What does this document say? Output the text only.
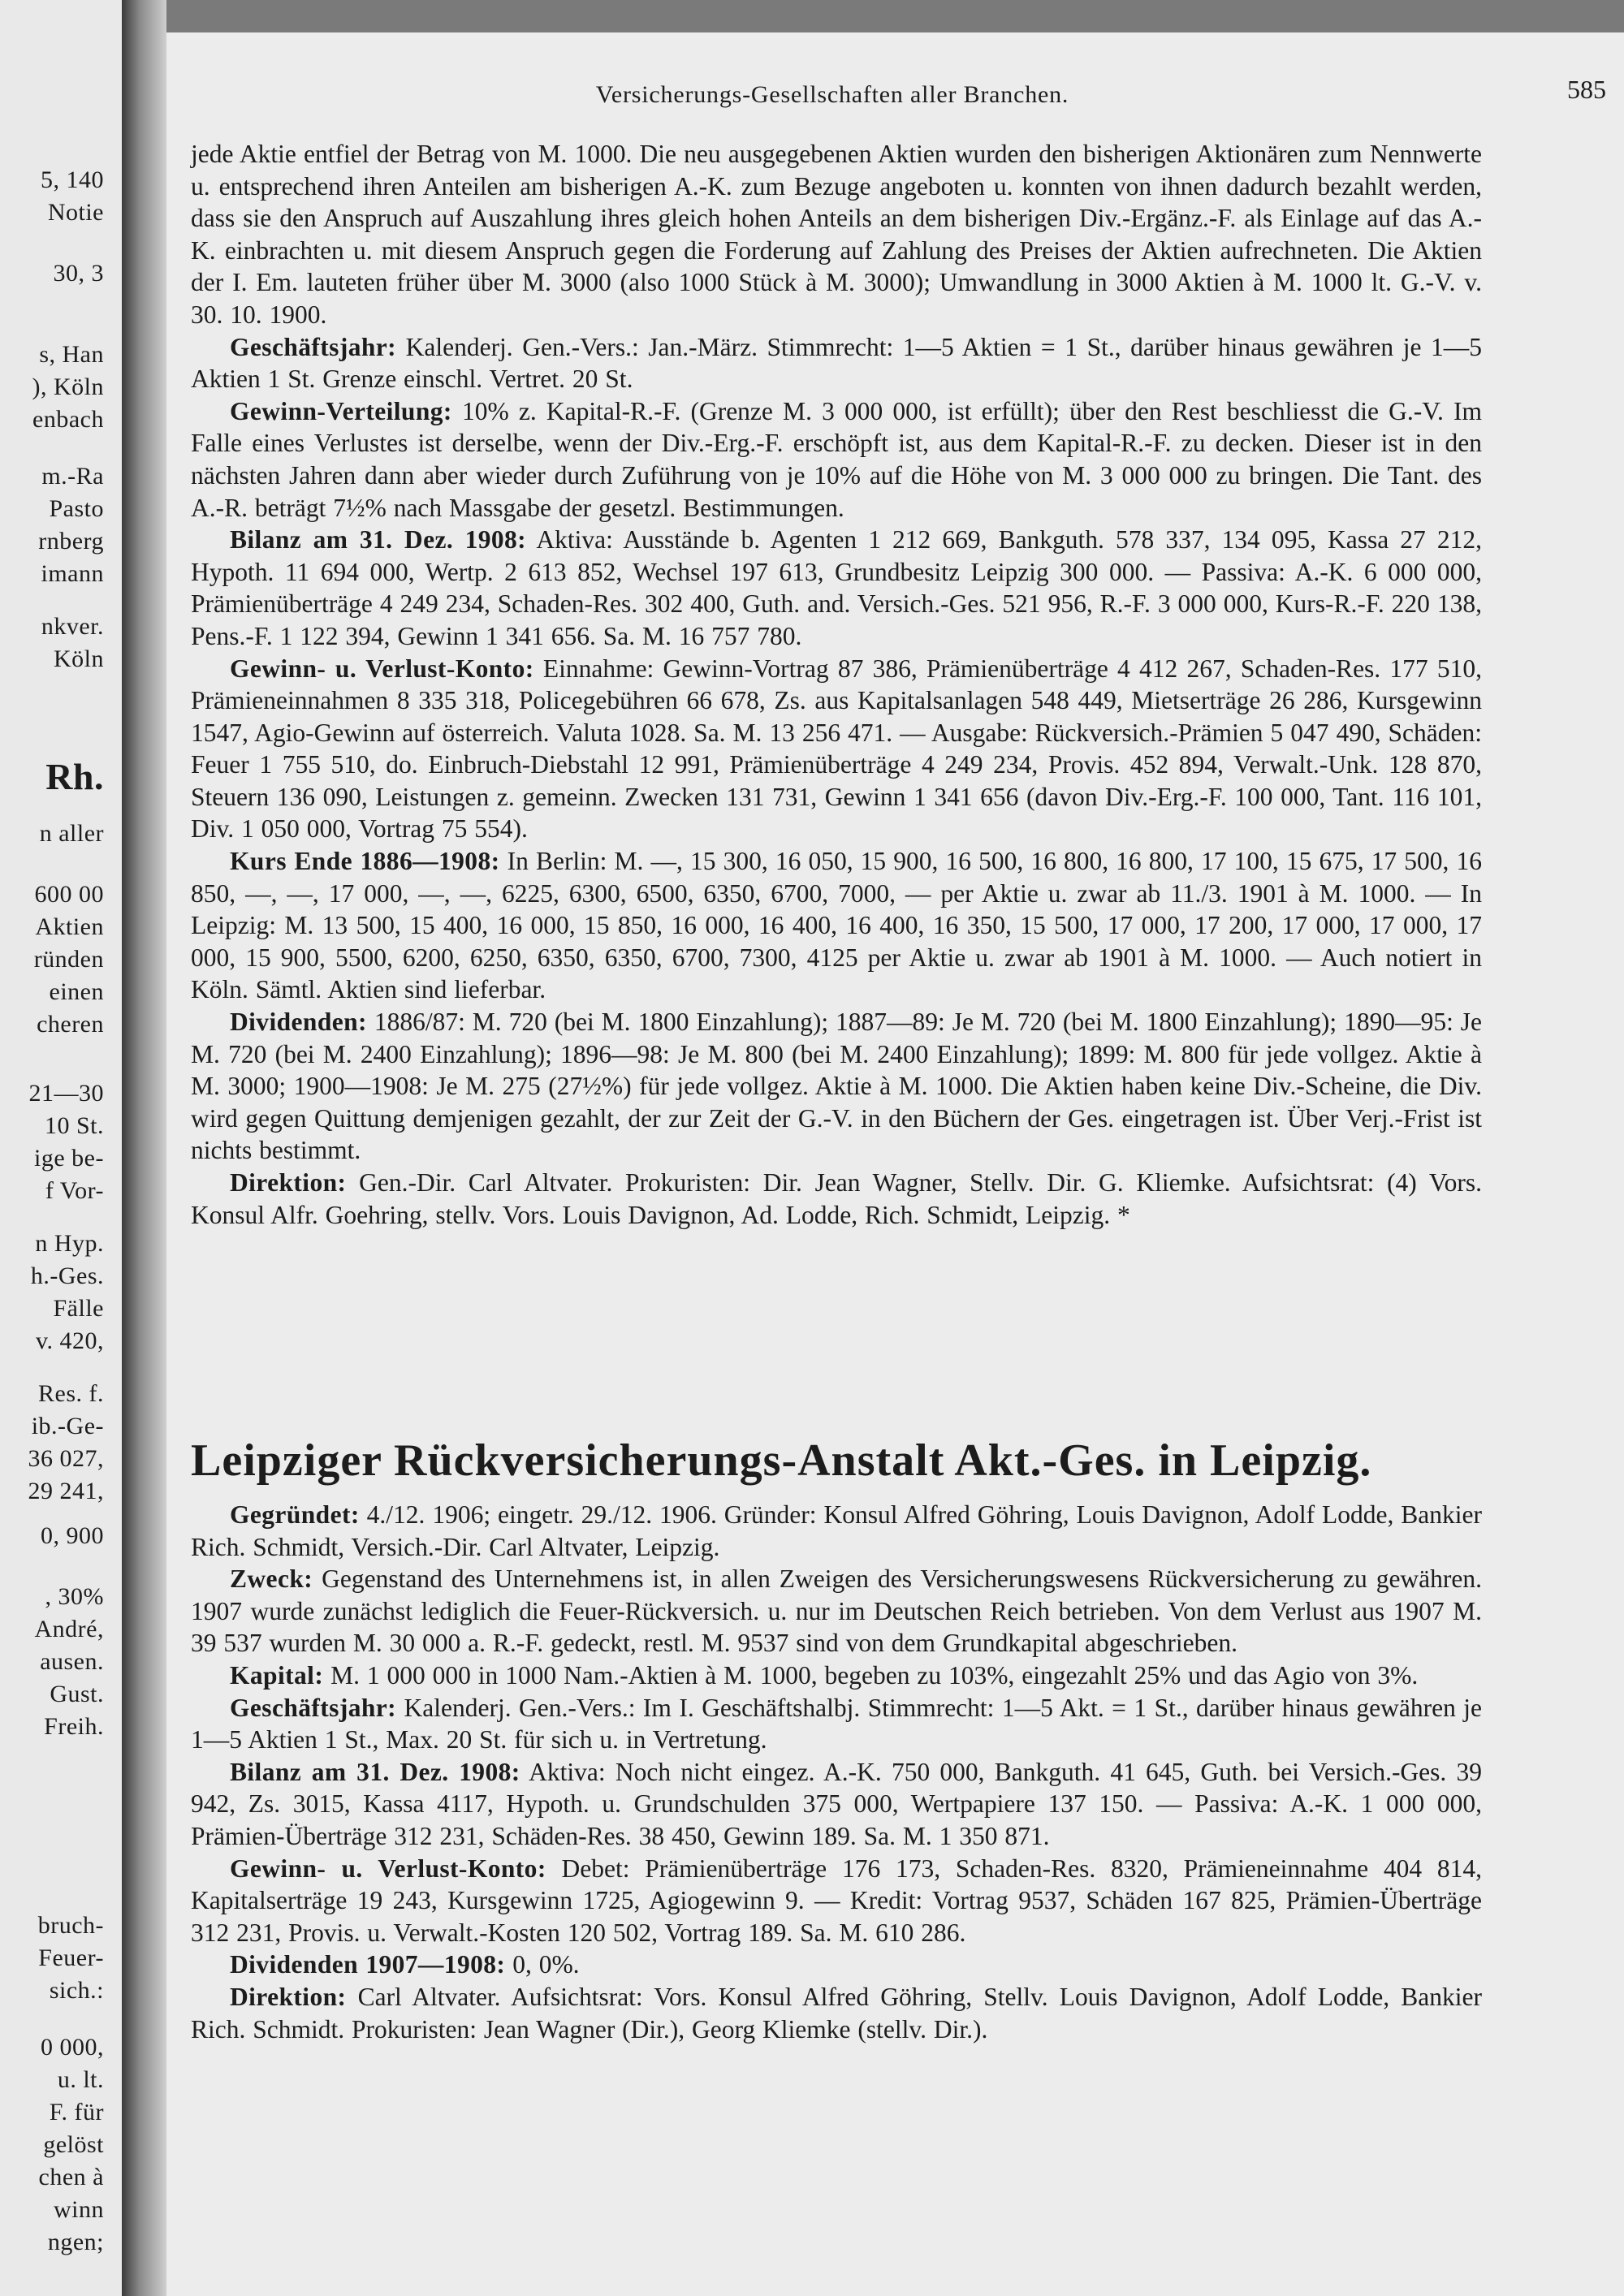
5, 140
Notie
30, 3
s, Han
), Köln
enbach
m.-Ra
Pasto
rnberg
imann
nkver.
Köln
Rh.
n aller
600 00
Aktien
ründen
einen
cheren
21—30
10 St.
ige be-
f Vor-
n Hyp.
h.-Ges.
Fälle
v. 420,
Res. f.
ib.-Ge-
36 027,
29 241,
0, 900
, 30%
André,
ausen.
Gust.
Freih.
bruch-
Feuer-
sich.:
0 000,
u. lt.
F. für
gelöst
chen à
winn
ngen;
Versicherungs-Gesellschaften aller Branchen.	585

jede Aktie entfiel der Betrag von M. 1000. Die neu ausgegebenen Aktien wurden den bisherigen Aktionären zum Nennwerte u. entsprechend ihren Anteilen am bisherigen A.-K. zum Bezuge angeboten u. konnten von ihnen dadurch bezahlt werden, dass sie den Anspruch auf Auszahlung ihres gleich hohen Anteils an dem bisherigen Div.-Ergänz.-F. als Einlage auf das A.-K. einbrachten u. mit diesem Anspruch gegen die Forderung auf Zahlung des Preises der Aktien aufrechneten. Die Aktien der I. Em. lauteten früher über M. 3000 (also 1000 Stück à M. 3000); Umwandlung in 3000 Aktien à M. 1000 lt. G.-V. v. 30. 10. 1900.

Geschäftsjahr: Kalenderj. Gen.-Vers.: Jan.-März. Stimmrecht: 1—5 Aktien = 1 St., darüber hinaus gewähren je 1—5 Aktien 1 St. Grenze einschl. Vertret. 20 St.

Gewinn-Verteilung: 10% z. Kapital-R.-F. (Grenze M. 3 000 000, ist erfüllt); über den Rest beschliesst die G.-V. Im Falle eines Verlustes ist derselbe, wenn der Div.-Erg.-F. erschöpft ist, aus dem Kapital-R.-F. zu decken. Dieser ist in den nächsten Jahren dann aber wieder durch Zuführung von je 10% auf die Höhe von M. 3 000 000 zu bringen. Die Tant. des A.-R. beträgt 7½% nach Massgabe der gesetzl. Bestimmungen.

Bilanz am 31. Dez. 1908: Aktiva: Ausstände b. Agenten 1 212 669, Bankguth. 578 337, 134 095, Kassa 27 212, Hypoth. 11 694 000, Wertp. 2 613 852, Wechsel 197 613, Grundbesitz Leipzig 300 000. — Passiva: A.-K. 6 000 000, Prämienüberträge 4 249 234, Schaden-Res. 302 400, Guth. and. Versich.-Ges. 521 956, R.-F. 3 000 000, Kurs-R.-F. 220 138, Pens.-F. 1 122 394, Gewinn 1 341 656. Sa. M. 16 757 780.

Gewinn- u. Verlust-Konto: Einnahme: Gewinn-Vortrag 87 386, Prämienüberträge 4 412 267, Schaden-Res. 177 510, Prämieneinnahmen 8 335 318, Policegebühren 66 678, Zs. aus Kapitalsanlagen 548 449, Mietserträge 26 286, Kursgewinn 1547, Agio-Gewinn auf österreich. Valuta 1028. Sa. M. 13 256 471. — Ausgabe: Rückversich.-Prämien 5 047 490, Schäden: Feuer 1 755 510, do. Einbruch-Diebstahl 12 991, Prämienüberträge 4 249 234, Provis. 452 894, Verwalt.-Unk. 128 870, Steuern 136 090, Leistungen z. gemeinn. Zwecken 131 731, Gewinn 1 341 656 (davon Div.-Erg.-F. 100 000, Tant. 116 101, Div. 1 050 000, Vortrag 75 554).

Kurs Ende 1886—1908: In Berlin: M. —, 15 300, 16 050, 15 900, 16 500, 16 800, 16 800, 17 100, 15 675, 17 500, 16 850, —, —, 17 000, —, —, 6225, 6300, 6500, 6350, 6700, 7000, — per Aktie u. zwar ab 11./3. 1901 à M. 1000. — In Leipzig: M. 13 500, 15 400, 16 000, 15 850, 16 000, 16 400, 16 400, 16 350, 15 500, 17 000, 17 200, 17 000, 17 000, 17 000, 15 900, 5500, 6200, 6250, 6350, 6350, 6700, 7300, 4125 per Aktie u. zwar ab 1901 à M. 1000. — Auch notiert in Köln. Sämtl. Aktien sind lieferbar.

Dividenden: 1886/87: M. 720 (bei M. 1800 Einzahlung); 1887—89: Je M. 720 (bei M. 1800 Einzahlung); 1890—95: Je M. 720 (bei M. 2400 Einzahlung); 1896—98: Je M. 800 (bei M. 2400 Einzahlung); 1899: M. 800 für jede vollgez. Aktie à M. 3000; 1900—1908: Je M. 275 (27½%) für jede vollgez. Aktie à M. 1000. Die Aktien haben keine Div.-Scheine, die Div. wird gegen Quittung demjenigen gezahlt, der zur Zeit der G.-V. in den Büchern der Ges. eingetragen ist. Über Verj.-Frist ist nichts bestimmt.

Direktion: Gen.-Dir. Carl Altvater. Prokuristen: Dir. Jean Wagner, Stellv. Dir. G. Kliemke. Aufsichtsrat: (4) Vors. Konsul Alfr. Goehring, stellv. Vors. Louis Davignon, Ad. Lodde, Rich. Schmidt, Leipzig. *

Leipziger Rückversicherungs-Anstalt Akt.-Ges. in Leipzig.

Gegründet: 4./12. 1906; eingetr. 29./12. 1906. Gründer: Konsul Alfred Göhring, Louis Davignon, Adolf Lodde, Bankier Rich. Schmidt, Versich.-Dir. Carl Altvater, Leipzig.

Zweck: Gegenstand des Unternehmens ist, in allen Zweigen des Versicherungswesens Rückversicherung zu gewähren. 1907 wurde zunächst lediglich die Feuer-Rückversich. u. nur im Deutschen Reich betrieben. Von dem Verlust aus 1907 M. 39 537 wurden M. 30 000 a. R.-F. gedeckt, restl. M. 9537 sind von dem Grundkapital abgeschrieben.

Kapital: M. 1 000 000 in 1000 Nam.-Aktien à M. 1000, begeben zu 103%, eingezahlt 25% und das Agio von 3%.

Geschäftsjahr: Kalenderj. Gen.-Vers.: Im I. Geschäftshalbj. Stimmrecht: 1—5 Akt. = 1 St., darüber hinaus gewähren je 1—5 Aktien 1 St., Max. 20 St. für sich u. in Vertretung.

Bilanz am 31. Dez. 1908: Aktiva: Noch nicht eingez. A.-K. 750 000, Bankguth. 41 645, Guth. bei Versich.-Ges. 39 942, Zs. 3015, Kassa 4117, Hypoth. u. Grundschulden 375 000, Wertpapiere 137 150. — Passiva: A.-K. 1 000 000, Prämien-Überträge 312 231, Schäden-Res. 38 450, Gewinn 189. Sa. M. 1 350 871.

Gewinn- u. Verlust-Konto: Debet: Prämienüberträge 176 173, Schaden-Res. 8320, Prämieneinnahme 404 814, Kapitalserträge 19 243, Kursgewinn 1725, Agiogewinn 9. — Kredit: Vortrag 9537, Schäden 167 825, Prämien-Überträge 312 231, Provis. u. Verwalt.-Kosten 120 502, Vortrag 189. Sa. M. 610 286.

Dividenden 1907—1908: 0, 0%.

Direktion: Carl Altvater. Aufsichtsrat: Vors. Konsul Alfred Göhring, Stellv. Louis Davignon, Adolf Lodde, Bankier Rich. Schmidt. Prokuristen: Jean Wagner (Dir.), Georg Kliemke (stellv. Dir.).
